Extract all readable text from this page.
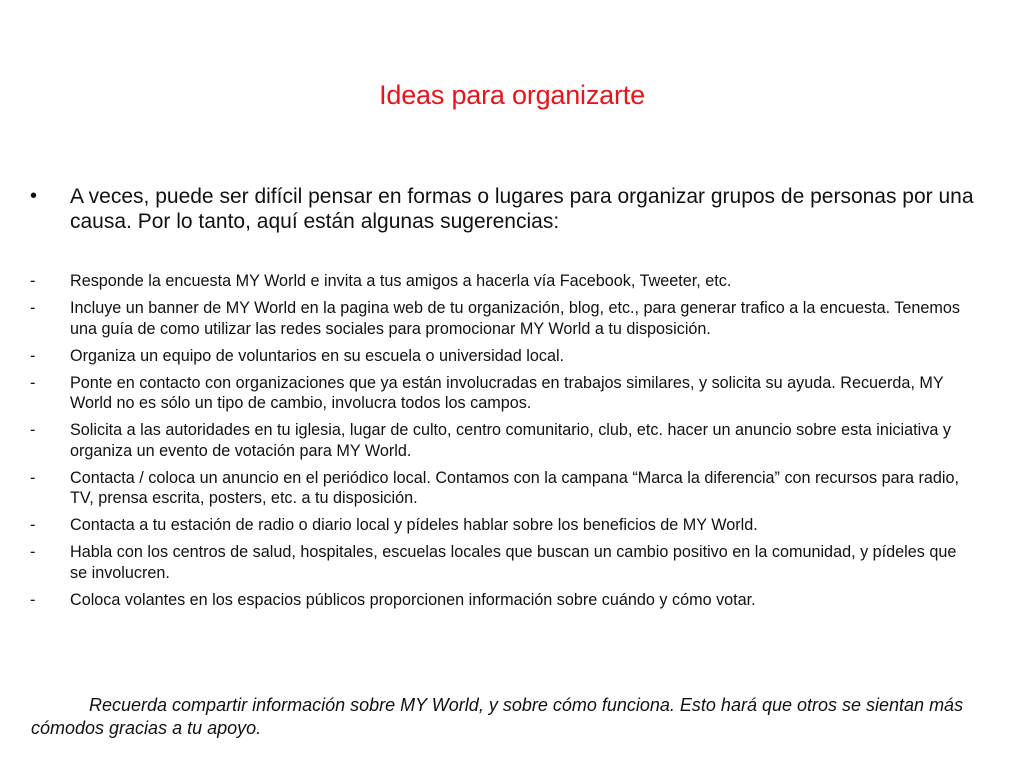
Ideas para organizarte
•	A veces, puede ser difícil pensar en formas o lugares para organizar grupos de personas por una causa. Por lo tanto, aquí están algunas sugerencias:
-	Responde la encuesta MY World e invita a tus amigos a hacerla vía Facebook, Tweeter, etc.
-	Incluye un banner de MY World en la pagina web de tu organización, blog, etc., para generar trafico a la encuesta. Tenemos una guía de como utilizar las redes sociales para promocionar MY World a tu disposición.
-	Organiza un equipo de voluntarios en su escuela o universidad local.
-	Ponte en contacto con organizaciones que ya están involucradas en trabajos similares, y solicita su ayuda. Recuerda, MY World no es sólo un tipo de cambio, involucra todos los campos.
-	Solicita a las autoridades en tu iglesia, lugar de culto, centro comunitario, club, etc. hacer un anuncio sobre esta iniciativa y organiza un evento de votación para MY World.
-	Contacta / coloca un anuncio en el periódico local. Contamos con la campana “Marca la diferencia” con recursos para radio, TV, prensa escrita, posters, etc. a tu disposición.
-	Contacta a tu estación de radio o diario local y pídeles hablar sobre los beneficios de MY World.
-	Habla con los centros de salud, hospitales, escuelas locales que buscan un cambio positivo en la comunidad, y pídeles que se involucren.
-	Coloca volantes en los espacios públicos proporcionen información sobre cuándo y cómo votar.
Recuerda compartir información sobre MY World, y sobre cómo funciona. Esto hará que otros se sientan más cómodos gracias a tu apoyo.
